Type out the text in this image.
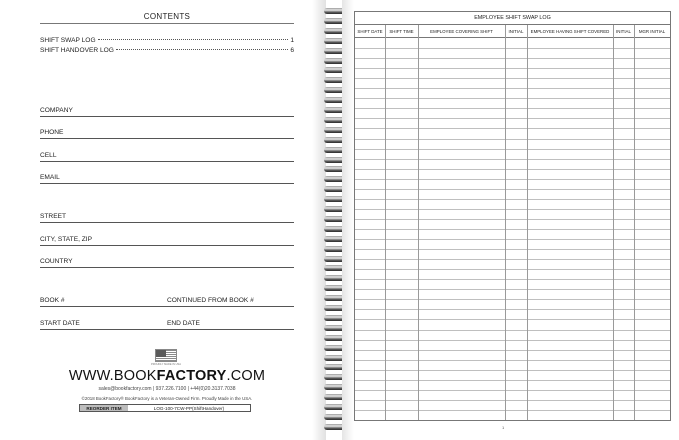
CONTENTS
SHIFT SWAP LOG	1
SHIFT HANDOVER LOG	6
COMPANY
PHONE
CELL
EMAIL
STREET
CITY, STATE, ZIP
COUNTRY
BOOK #	CONTINUED FROM BOOK #
START DATE	END DATE
PROUDLY MADE IN USA
WWW.BOOKFACTORY.COM
sales@bookfactory.com | 937.226.7100 | +44(0)20.3137.7038
©2018 BookFactory® BookFactory is a Veteran-Owned Firm. Proudly Made in the USA.
REORDER ITEM	LOG-100-7CW-PP(ShiftHandover)
EMPLOYEE SHIFT SWAP LOG
SHIFT DATE	SHIFT TIME	EMPLOYEE COVERING SHIFT	INITIAL	EMPLOYEE HAVING SHIFT COVERED	INITIAL	MGR INITIAL
1
